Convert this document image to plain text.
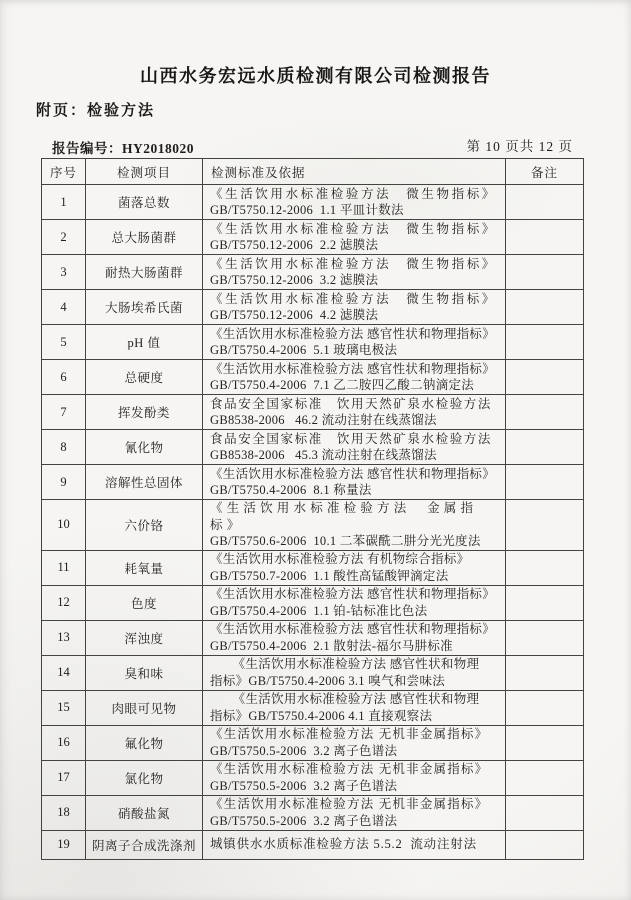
山西水务宏远水质检测有限公司检测报告
附页：检验方法
报告编号：HY2018020	第 10 页共 12 页
序号	检测项目	检测标准及依据	备注
1	菌落总数	《生活饮用水标准检验方法　微生物指标》
GB/T5750.12-2006  1.1 平皿计数法	

2	总大肠菌群	《生活饮用水标准检验方法　微生物指标》
GB/T5750.12-2006  2.2 滤膜法	

3	耐热大肠菌群	《生活饮用水标准检验方法　微生物指标》
GB/T5750.12-2006  3.2 滤膜法	

4	大肠埃希氏菌	《生活饮用水标准检验方法　微生物指标》
GB/T5750.12-2006  4.2 滤膜法	

5	pH 值	《生活饮用水标准检验方法 感官性状和物理指标》
GB/T5750.4-2006  5.1 玻璃电极法	

6	总硬度	《生活饮用水标准检验方法 感官性状和物理指标》
GB/T5750.4-2006  7.1 乙二胺四乙酸二钠滴定法	

7	挥发酚类	食品安全国家标准　饮用天然矿泉水检验方法
GB8538-2006   46.2 流动注射在线蒸馏法	

8	氰化物	食品安全国家标准　饮用天然矿泉水检验方法
GB8538-2006   45.3 流动注射在线蒸馏法	

9	溶解性总固体	《生活饮用水标准检验方法 感官性状和物理指标》
GB/T5750.4-2006  8.1 称量法	

10	六价铬	《生活饮用水标准检验方法　金属指标》
GB/T5750.6-2006  10.1 二苯碳酰二肼分光光度法	

11	耗氧量	《生活饮用水标准检验方法 有机物综合指标》
GB/T5750.7-2006  1.1 酸性高锰酸钾滴定法	

12	色度	《生活饮用水标准检验方法 感官性状和物理指标》
GB/T5750.4-2006  1.1 铂-钴标准比色法	

13	浑浊度	《生活饮用水标准检验方法 感官性状和物理指标》
GB/T5750.4-2006  2.1 散射法-福尔马肼标准	

14	臭和味	《生活饮用水标准检验方法 感官性状和物理
指标》GB/T5750.4-2006 3.1 嗅气和尝味法	

15	肉眼可见物	《生活饮用水标准检验方法 感官性状和物理
指标》GB/T5750.4-2006 4.1 直接观察法	

16	氟化物	《生活饮用水标准检验方法 无机非金属指标》
GB/T5750.5-2006  3.2 离子色谱法	

17	氯化物	《生活饮用水标准检验方法 无机非金属指标》
GB/T5750.5-2006  3.2 离子色谱法	

18	硝酸盐氮	《生活饮用水标准检验方法 无机非金属指标》
GB/T5750.5-2006  3.2 离子色谱法	

19	阴离子合成洗涤剂	城镇供水水质标准检验方法 5.5.2  流动注射法	
